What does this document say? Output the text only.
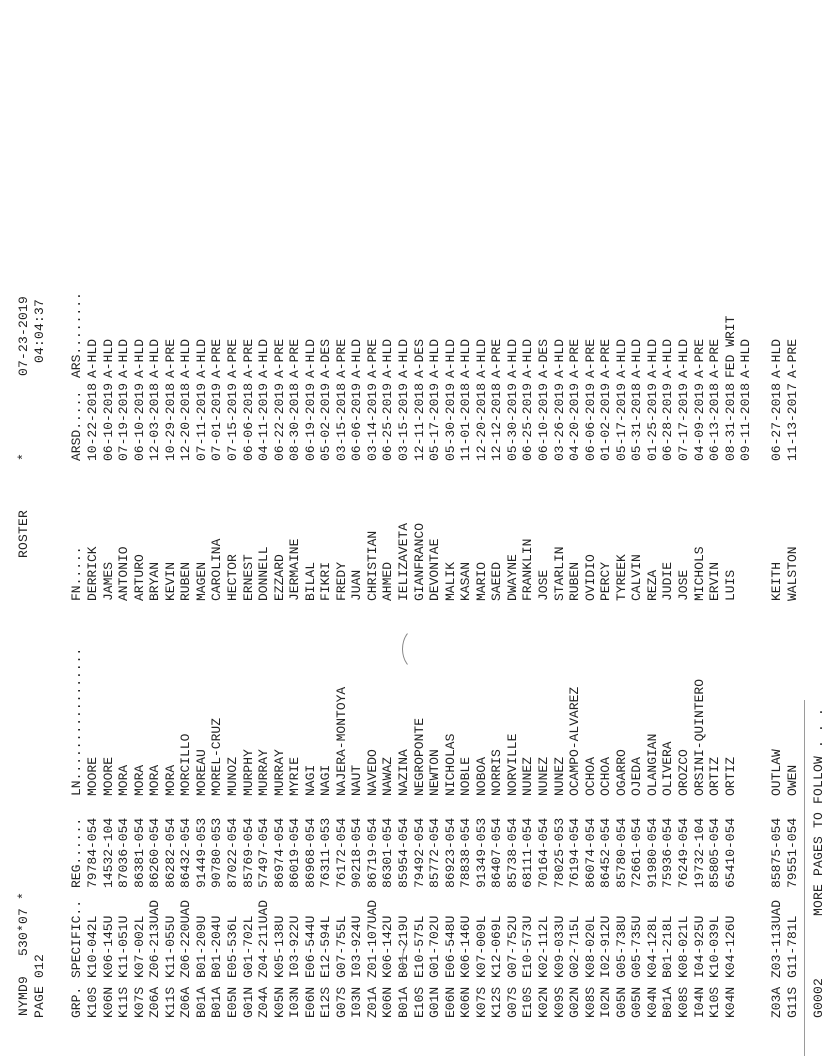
NYMD9
530*07 *
PAGE 012
ROSTER
*
07-23-2019 04:04:37
GRP.
SPECIFIC..
REG......
LN.................
FN.....
ARSD.....
ARS........
K10S
K10-042L
79784-054
MOORE
DERRICK
10-22-2018
A-HLD
K06N
K06-145U
14532-104
MOORE
JAMES
06-10-2019
A-HLD
K11S
K11-051U
87036-054
MORA
ANTONIO
07-19-2019
A-HLD
K07S
K07-002L
86381-054
MORA
ARTURO
06-10-2019
A-HLD
Z06A
Z06-213UAD
86260-054
MORA
BRYAN
12-03-2018
A-HLD
K11S
K11-055U
86282-054
MORA
KEVIN
10-29-2018
A-PRE
Z06A
Z06-220UAD
86432-054
MORCILLO
RUBEN
12-20-2018
A-HLD
B01A
B01-209U
91449-053
MOREAU
MAGEN
07-11-2019
A-HLD
B01A
B01-204U
90780-053
MOREL-CRUZ
CAROLINA
07-01-2019
A-PRE
E05N
E05-536L
87022-054
MUNOZ
HECTOR
07-15-2019
A-PRE
G01N
G01-702L
85769-054
MURPHY
ERNEST
06-06-2018
A-PRE
Z04A
Z04-211UAD
57497-054
MURRAY
DONNELL
04-11-2019
A-HLD
K05N
K05-138U
86974-054
MURRAY
EZZARD
06-22-2019
A-PRE
I03N
I03-922U
86019-054
MYRIE
JERMAINE
08-30-2018
A-PRE
E06N
E06-544U
86968-054
NAGI
BILAL
06-19-2019
A-HLD
E12S
E12-594L
76311-053
NAGI
FIKRI
05-02-2019
A-DES
G07S
G07-755L
76172-054
NAJERA-MONTOYA
FREDY
03-15-2018
A-PRE
I03N
I03-924U
90218-054
NAUT
JUAN
06-06-2019
A-HLD
Z01A
Z01-107UAD
86719-054
NAVEDO
CHRISTIAN
03-14-2019
A-PRE
K06N
K06-142U
86301-054
NAWAZ
AHMED
06-25-2019
A-HLD
B01A
B01-219U
85954-054
NAZINA
IELIZAVETA
03-15-2019
A-HLD
E10S
E10-575L
79492-054
NEGROPONTE
GIANFRANCO
12-11-2018
A-DES
G01N
G01-702U
85772-054
NEWTON
DEVONTAE
05-17-2019
A-HLD
E06N
E06-548U
86923-054
NICHOLAS
MALIK
05-30-2019
A-HLD
K06N
K06-146U
78838-054
NOBLE
KASAN
11-01-2018
A-HLD
K07S
K07-009L
91349-053
NOBOA
MARIO
12-20-2018
A-HLD
K12S
K12-069L
86407-054
NORRIS
SAEED
12-12-2018
A-PRE
G07S
G07-752U
85738-054
NORVILLE
DWAYNE
05-30-2019
A-HLD
E10S
E10-573U
68111-054
NUNEZ
FRANKLIN
06-25-2019
A-HLD
K02N
K02-112L
70164-054
NUNEZ
JOSE
06-10-2019
A-DES
K09S
K09-033U
78025-053
NUNEZ
STARLIN
03-26-2019
A-HLD
G02N
G02-715L
76194-054
OCAMPO-ALVAREZ
RUBEN
04-20-2019
A-PRE
K08S
K08-020L
86074-054
OCHOA
OVIDIO
06-06-2019
A-PRE
I02N
I02-912U
86452-054
OCHOA
PERCY
01-02-2019
A-PRE
G05N
G05-738U
85780-054
OGARRO
TYREEK
05-17-2019
A-HLD
G05N
G05-735U
72661-054
OJEDA
CALVIN
05-31-2018
A-HLD
K04N
K04-128L
91980-054
OLANGIAN
REZA
01-25-2019
A-HLD
B01A
B01-218L
75936-054
OLIVERA
JUDIE
06-28-2019
A-HLD
K08S
K08-021L
76249-054
OROZCO
JOSE
07-17-2019
A-HLD
I04N
I04-925U
19732-104
ORSINI-QUINTERO
MICHOLS
04-09-2019
A-PRE
K10S
K10-039L
85805-054
ORTIZ
ERVIN
06-13-2018
A-PRE
K04N
K04-126U
65410-054
ORTIZ
LUIS
08-31-2018
FED WRIT
09-11-2018
A-HLD
Z03A
Z03-113UAD
85875-054
OUTLAW
KEITH
06-27-2018
A-HLD
G11S
G11-781L
79551-054
OWEN
WALSTON
11-13-2017
A-PRE
G0002
MORE PAGES TO FOLLOW . . .
